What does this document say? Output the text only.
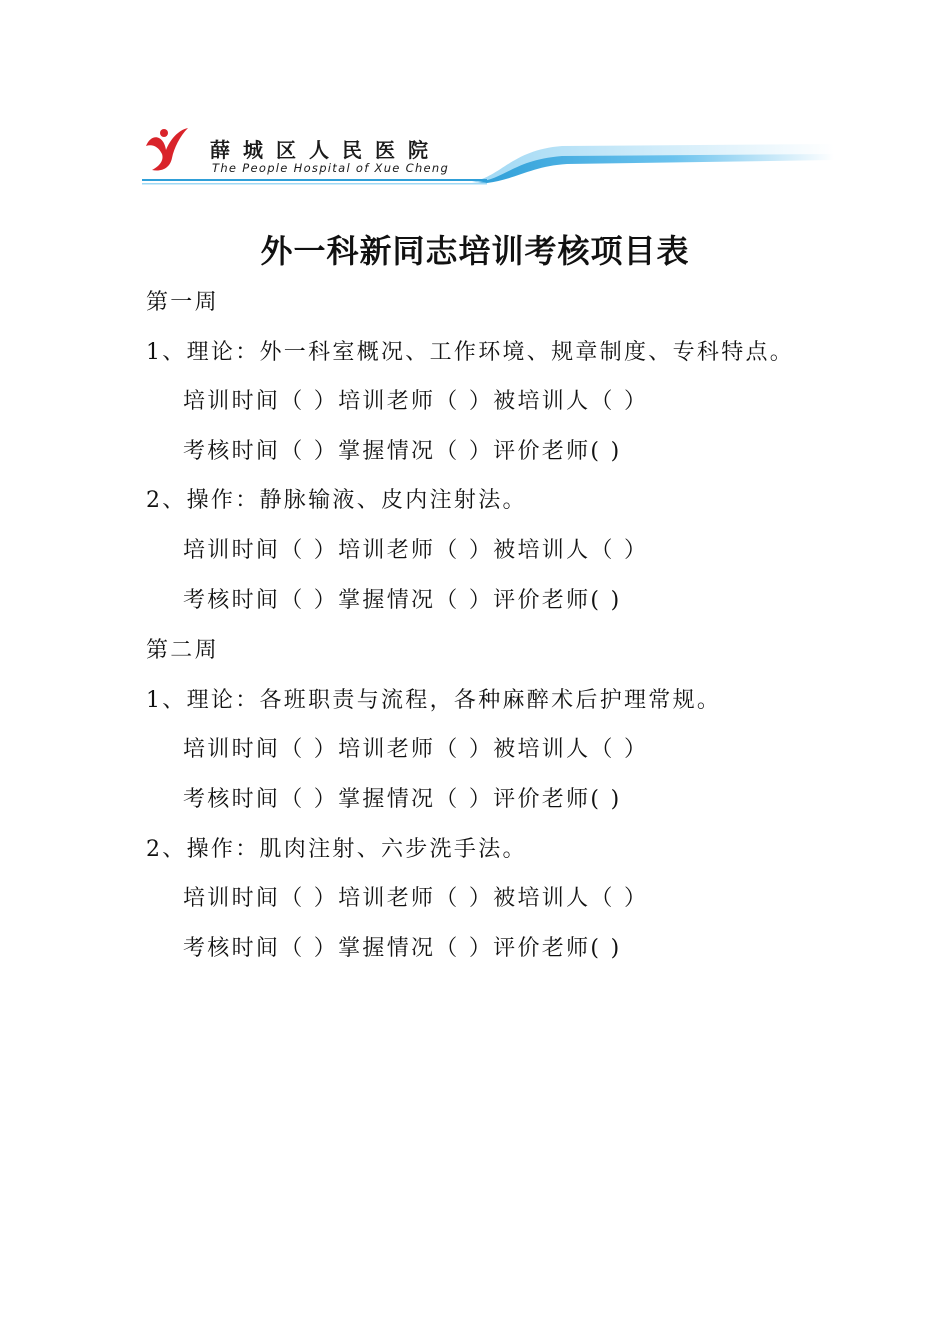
薛城区人民医院
The People Hospital of Xue Cheng
外一科新同志培训考核项目表
第一周
1、理论：外一科室概况、工作环境、规章制度、专科特点。
培训时间（ ）培训老师（ ）被培训人（ ）
考核时间（ ）掌握情况（ ）评价老师( )
2、操作：静脉输液、皮内注射法。
培训时间（ ）培训老师（ ）被培训人（ ）
考核时间（ ）掌握情况（ ）评价老师( )
第二周
1、理论：各班职责与流程，各种麻醉术后护理常规。
培训时间（ ）培训老师（ ）被培训人（ ）
考核时间（ ）掌握情况（ ）评价老师( )
2、操作：肌肉注射、六步洗手法。
培训时间（ ）培训老师（ ）被培训人（ ）
考核时间（ ）掌握情况（ ）评价老师( )
